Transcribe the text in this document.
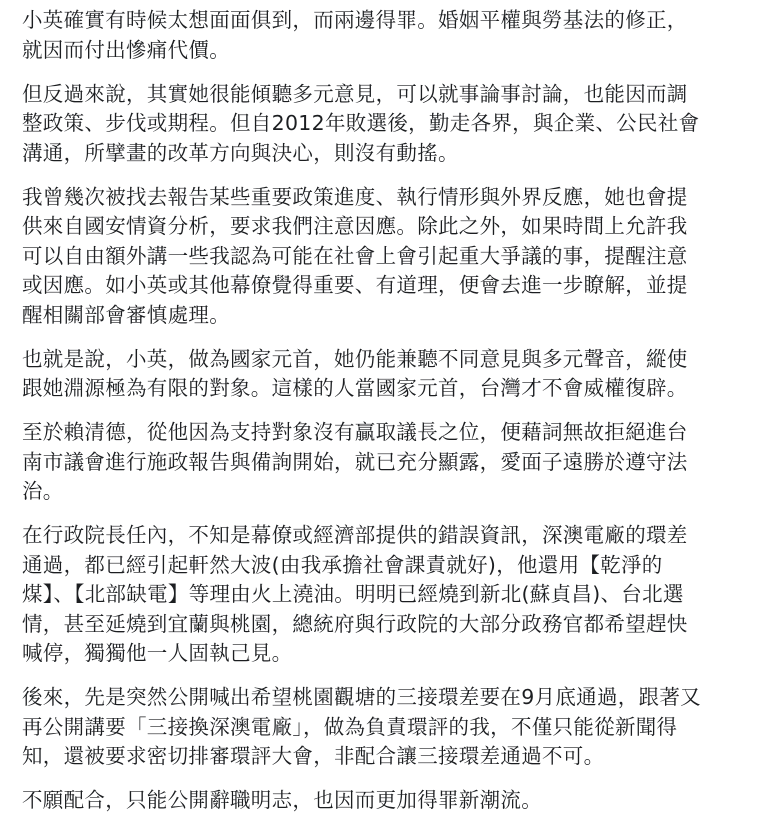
小英確實有時候太想面面俱到，而兩邊得罪。婚姻平權與勞基法的修正，
就因而付出慘痛代價。

但反過來說，其實她很能傾聽多元意見，可以就事論事討論，也能因而調
整政策、步伐或期程。但自2012年敗選後，勤走各界，與企業、公民社會
溝通，所擘畫的改革方向與決心，則沒有動搖。

我曾幾次被找去報告某些重要政策進度、執行情形與外界反應，她也會提
供來自國安情資分析，要求我們注意因應。除此之外，如果時間上允許我
可以自由額外講一些我認為可能在社會上會引起重大爭議的事，提醒注意
或因應。如小英或其他幕僚覺得重要、有道理，便會去進一步瞭解，並提
醒相關部會審慎處理。

也就是說，小英，做為國家元首，她仍能兼聽不同意見與多元聲音，縱使
跟她淵源極為有限的對象。這樣的人當國家元首，台灣才不會威權復辟。

至於賴清德，從他因為支持對象沒有贏取議長之位，便藉詞無故拒絕進台
南市議會進行施政報告與備詢開始，就已充分顯露，愛面子遠勝於遵守法
治。

在行政院長任內，不知是幕僚或經濟部提供的錯誤資訊，深澳電廠的環差
通過，都已經引起軒然大波(由我承擔社會課責就好)，他還用【乾淨的
煤】、【北部缺電】等理由火上澆油。明明已經燒到新北(蘇貞昌)、台北選
情，甚至延燒到宜蘭與桃園，總統府與行政院的大部分政務官都希望趕快
喊停，獨獨他一人固執己見。

後來，先是突然公開喊出希望桃園觀塘的三接環差要在9月底通過，跟著又
再公開講要「三接換深澳電廠」，做為負責環評的我，不僅只能從新聞得
知，還被要求密切排審環評大會，非配合讓三接環差通過不可。

不願配合，只能公開辭職明志，也因而更加得罪新潮流。
